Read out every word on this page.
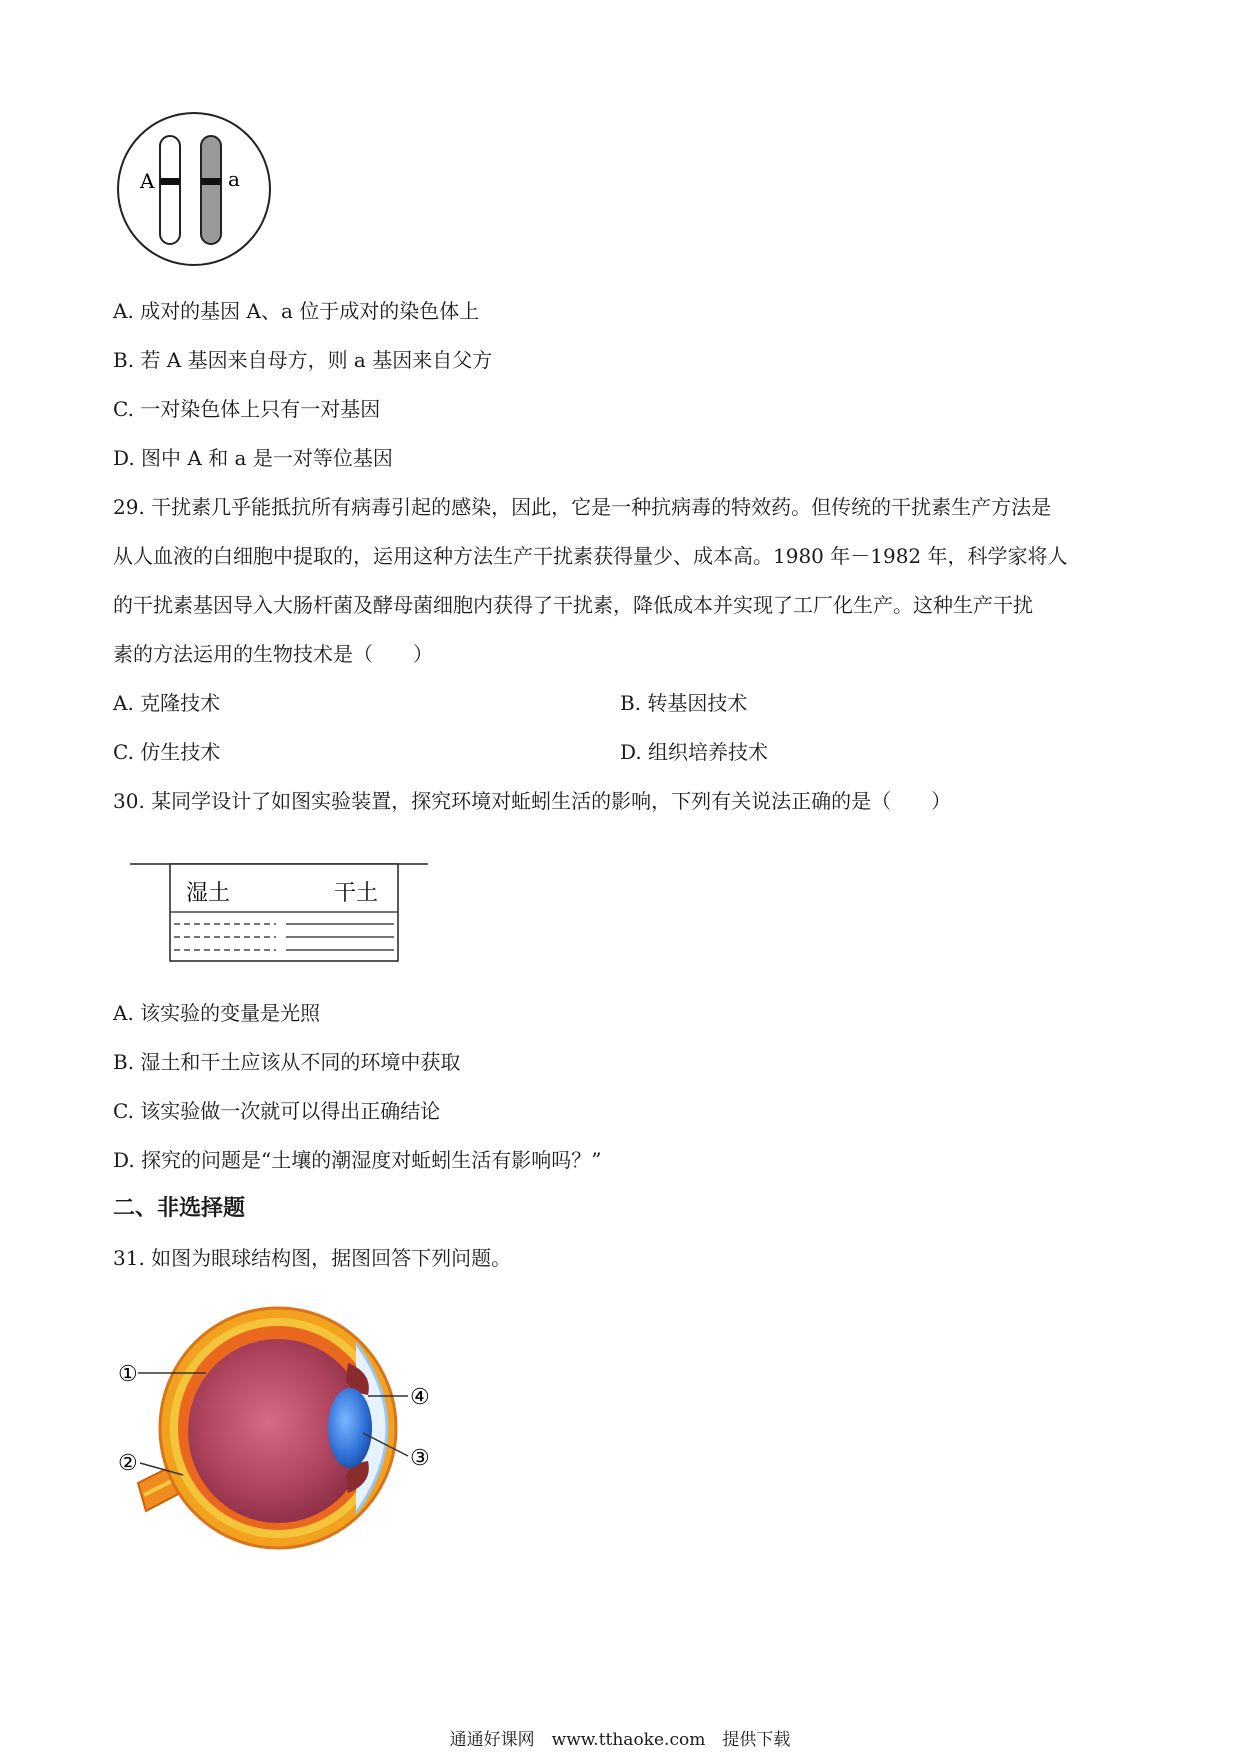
A	a
A. 成对的基因 A、a 位于成对的染色体上
B. 若 A 基因来自母方，则 a 基因来自父方
C. 一对染色体上只有一对基因
D. 图中 A 和 a 是一对等位基因
29. 干扰素几乎能抵抗所有病毒引起的感染，因此，它是一种抗病毒的特效药。但传统的干扰素生产方法是
从人血液的白细胞中提取的，运用这种方法生产干扰素获得量少、成本高。1980 年－1982 年，科学家将人
的干扰素基因导入大肠杆菌及酵母菌细胞内获得了干扰素，降低成本并实现了工厂化生产。这种生产干扰
素的方法运用的生物技术是（　　）
A. 克隆技术	B. 转基因技术
C. 仿生技术	D. 组织培养技术
30. 某同学设计了如图实验装置，探究环境对蚯蚓生活的影响，下列有关说法正确的是（　　）
湿土	干土
A. 该实验的变量是光照
B. 湿土和干土应该从不同的环境中获取
C. 该实验做一次就可以得出正确结论
D. 探究的问题是“土壤的潮湿度对蚯蚓生活有影响吗？”
二、非选择题
31. 如图为眼球结构图，据图回答下列问题。
①
②	③
④
通通好课网　www.tthaoke.com　提供下载
